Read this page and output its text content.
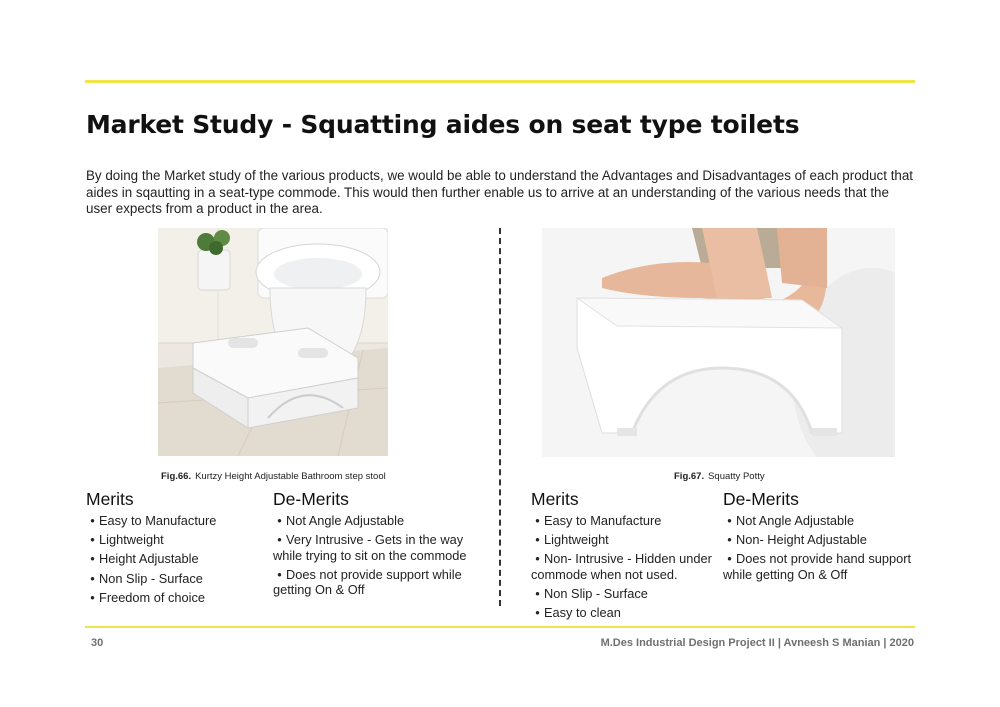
Market Study - Squatting aides on seat type toilets

By doing the Market study of the various products, we would be able to understand the Advantages and Disadvantages of each product that aides in sqautting in a seat-type commode. This would then further enable us to arrive at an understanding of the various needs that the user expects from a product in the area.

Fig.66. Kurtzy Height Adjustable Bathroom step stool	Fig.67. Squatty Potty
Merits
• Easy to Manufacture
• Lightweight
• Height Adjustable
• Non Slip - Surface
• Freedom of choice
De-Merits
• Not Angle Adjustable
• Very Intrusive - Gets in the way while trying to sit on the commode
• Does not provide support while getting On & Off
Merits
• Easy to Manufacture
• Lightweight
• Non- Intrusive - Hidden under commode when not used.
• Non Slip - Surface
• Easy to clean
De-Merits
• Not Angle Adjustable
• Non- Height Adjustable
• Does not provide hand support while getting On & Off
30	M.Des Industrial Design Project II | Avneesh S Manian | 2020
